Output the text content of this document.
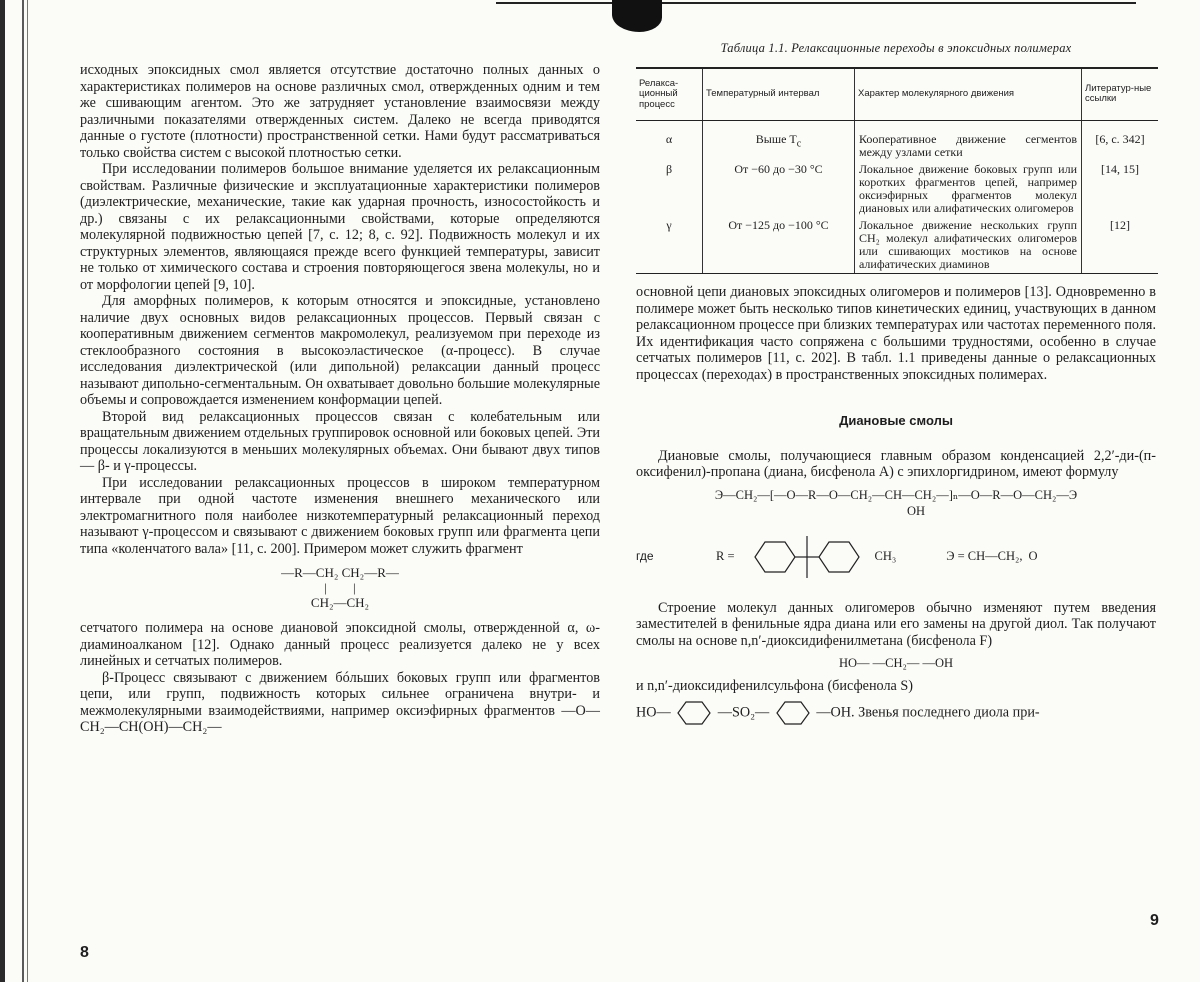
исходных эпоксидных смол является отсутствие достаточно полных данных о характеристиках полимеров на основе различных смол, отвержденных одним и тем же сшивающим агентом. Это же затрудняет установление взаимосвязи между различными показателями отвержденных систем. Далеко не всегда приводятся данные о густоте (плотности) пространственной сетки. Нами будут рассматриваться только свойства систем с высокой плотностью сетки.

При исследовании полимеров большое внимание уделяется их релаксационным свойствам. Различные физические и эксплуатационные характеристики полимеров (диэлектрические, механические, такие как ударная прочность, износостойкость и др.) связаны с их релаксационными свойствами, которые определяются молекулярной подвижностью цепей [7, с. 12; 8, с. 92]. Подвижность молекул и их структурных элементов, являющаяся прежде всего функцией температуры, зависит не только от химического состава и строения повторяющегося звена молекулы, но и от морфологии цепей [9, 10].

Для аморфных полимеров, к которым относятся и эпоксидные, установлено наличие двух основных видов релаксационных процессов. Первый связан с кооперативным движением сегментов макромолекул, реализуемом при переходе из стеклообразного состояния в высокоэластическое (α-процесс). В случае исследования диэлектрической (или дипольной) релаксации данный процесс называют дипольно-сегментальным. Он охватывает довольно большие молекулярные объемы и сопровождается изменением конформации цепей.

Второй вид релаксационных процессов связан с колебательным или вращательным движением отдельных группировок основной или боковых цепей. Эти процессы локализуются в меньших молекулярных объемах. Они бывают двух типов — β- и γ-процессы.

При исследовании релаксационных процессов в широком температурном интервале при одной частоте изменения внешнего механического или электромагнитного поля наиболее низкотемпературный релаксационный переход называют γ-процессом и связывают с движением боковых групп или фрагмента цепи типа «коленчатого вала» [11, с. 200]. Примером может служить фрагмент

—R—CH₂ CH₂—R—
|        |
CH₂—CH₂

сетчатого полимера на основе диановой эпоксидной смолы, отвержденной α, ω-диаминоалканом [12]. Однако данный процесс реализуется далеко не у всех линейных и сетчатых полимеров.

β-Процесс связывают с движением бóльших боковых групп или фрагментов цепи, или групп, подвижность которых сильнее ограничена внутри- и межмолекулярными взаимодействиями, например оксиэфирных фрагментов —O—CH₂—CH(OH)—CH₂—

8
Таблица 1.1. Релаксационные переходы в эпоксидных полимерах
Релакса-ционный процесс	Температурный интервал	Характер молекулярного движения	Литератур-ные ссылки

α	Выше $T_c$	Кооперативное движение сегментов между узлами сетки	[6, с. 342]
β	От −60 до −30 °C	Локальное движение боковых групп или коротких фрагментов цепей, например оксиэфирных фрагментов молекул диановых или алифатических олигомеров	[14, 15]
γ	От −125 до −100 °C	Локальное движение нескольких групп CH₂ молекул алифатических олигомеров или сшивающих мостиков на основе алифатических диаминов	[12]

основной цепи диановых эпоксидных олигомеров и полимеров [13]. Одновременно в полимере может быть несколько типов кинетических единиц, участвующих в данном релаксационном процессе при близких температурах или частотах переменного поля. Их идентификация часто сопряжена с большими трудностями, особенно в случае сетчатых полимеров [11, с. 202]. В табл. 1.1 приведены данные о релаксационных процессах (переходах) в пространственных эпоксидных полимерах.

Диановые смолы

Диановые смолы, получающиеся главным образом конденсацией 2,2′-ди-(п-оксифенил)-пропана (диана, бисфенола А) с эпихлоргидрином, имеют формулу

Э—CH₂—[—O—R—O—CH₂—CH—CH₂—]ₙ—O—R—O—CH₂—Э
OH
где	R =	CH₃	Э = CH—CH₂, O

Строение молекул данных олигомеров обычно изменяют путем введения заместителей в фенильные ядра диана или его замены на другой диол. Так получают смолы на основе n,n′-диоксидифенилметана (бисфенола F)

HO— —CH₂— —OH

и n,n′-диоксидифенилсульфона (бисфенола S)

HO—	—SO₂—	—OH. Звенья последнего диола при-
9
